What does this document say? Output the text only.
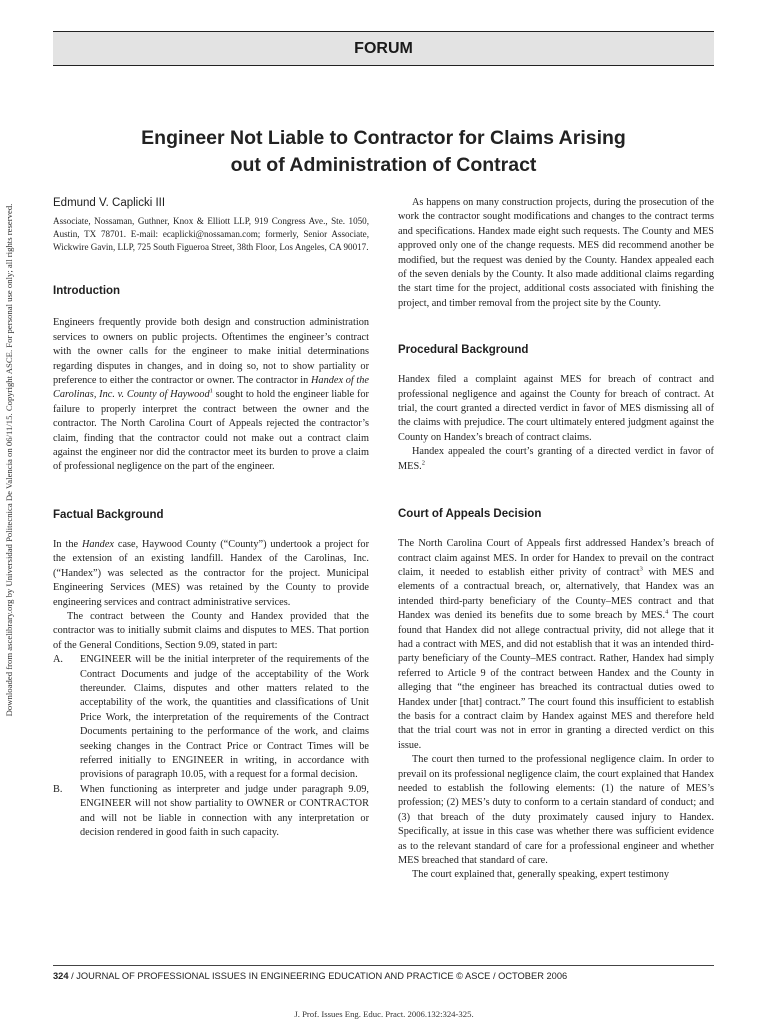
Downloaded from ascelibrary.org by Universidad Politecnica De Valencia on 06/11/15. Copyright ASCE. For personal use only; all rights reserved.
FORUM
Engineer Not Liable to Contractor for Claims Arising
out of Administration of Contract
Edmund V. Caplicki III

Associate, Nossaman, Guthner, Knox & Elliott LLP, 919 Congress Ave., Ste. 1050, Austin, TX 78701. E-mail: ecaplicki@nossaman.com; formerly, Senior Associate, Wickwire Gavin, LLP, 725 South Figueroa Street, 38th Floor, Los Angeles, CA 90017.

Introduction

Engineers frequently provide both design and construction administration services to owners on public projects. Oftentimes the engineer’s contract with the owner calls for the engineer to make initial determinations regarding disputes in changes, and in doing so, not to show partiality or preference to either the contractor or owner. The contractor in Handex of the Carolinas, Inc. v. County of Haywood$^1$ sought to hold the engineer liable for failure to properly interpret the contract between the owner and the contractor. The North Carolina Court of Appeals rejected the contractor’s claim, finding that the contractor could not make out a contract claim against the engineer nor did the contractor meet its burden to prove a claim of professional negligence on the part of the engineer.

Factual Background

In the Handex case, Haywood County (“County”) undertook a project for the extension of an existing landfill. Handex of the Carolinas, Inc. (“Handex”) was selected as the contractor for the project. Municipal Engineering Services (MES) was retained by the County to provide engineering services and contract administrative services.

The contract between the County and Handex provided that the contractor was to initially submit claims and disputes to MES. That portion of the General Conditions, Section 9.09, stated in part:

A. ENGINEER will be the initial interpreter of the requirements of the Contract Documents and judge of the acceptability of the Work thereunder. Claims, disputes and other matters related to the acceptability of the work, the quantities and classifications of Unit Price Work, the interpretation of the requirements of the Contract Documents pertaining to the performance of the work, and claims seeking changes in the Contract Price or Contract Times will be referred initially to ENGINEER in writing, in accordance with provisions of paragraph 10.05, with a request for a formal decision.
B. When functioning as interpreter and judge under paragraph 9.09, ENGINEER will not show partiality to OWNER or CONTRACTOR and will not be liable in connection with any interpretation or decision rendered in good faith in such capacity.

As happens on many construction projects, during the prosecution of the work the contractor sought modifications and changes to the contract terms and specifications. Handex made eight such requests. The County and MES approved only one of the change requests. MES did recommend another be modified, but the request was denied by the County. Handex appealed each of the seven denials by the County. It also made additional claims regarding the start time for the project, additional costs associated with finishing the project, and timber removal from the project site by the County.

Procedural Background

Handex filed a complaint against MES for breach of contract and professional negligence and against the County for breach of contract. At trial, the court granted a directed verdict in favor of MES dismissing all of the claims with prejudice. The court ultimately entered judgment against the County on Handex’s breach of contract claims.

Handex appealed the court’s granting of a directed verdict in favor of MES.$^2$

Court of Appeals Decision

The North Carolina Court of Appeals first addressed Handex’s breach of contract claim against MES. In order for Handex to prevail on the contract claim, it needed to establish either privity of contract$^3$ with MES and elements of a contractual breach, or, alternatively, that Handex was an intended third-party beneficiary of the County–MES contract and that Handex was denied its benefits due to some breach by MES.$^4$ The court found that Handex did not allege contractual privity, did not allege that it had a contract with MES, and did not establish that it was an intended third-party beneficiary of the County–MES contract. Rather, Handex had simply referred to Article 9 of the contract between Handex and the County in alleging that “the engineer has breached its contractual duties owed to Handex under [that] contract.” The court found this insufficient to establish the basis for a contract claim by Handex against MES and therefore held that the trial court was not in error in granting a directed verdict on this issue.

The court then turned to the professional negligence claim. In order to prevail on its professional negligence claim, the court explained that Handex needed to establish the following elements: (1) the nature of MES’s profession; (2) MES’s duty to conform to a certain standard of conduct; and (3) that breach of the duty proximately caused injury to Handex. Specifically, at issue in this case was whether there was sufficient evidence as to the relevant standard of care for a professional engineer and whether MES breached that standard of care.

The court explained that, generally speaking, expert testimony

324 / JOURNAL OF PROFESSIONAL ISSUES IN ENGINEERING EDUCATION AND PRACTICE © ASCE / OCTOBER 2006
J. Prof. Issues Eng. Educ. Pract. 2006.132:324-325.
